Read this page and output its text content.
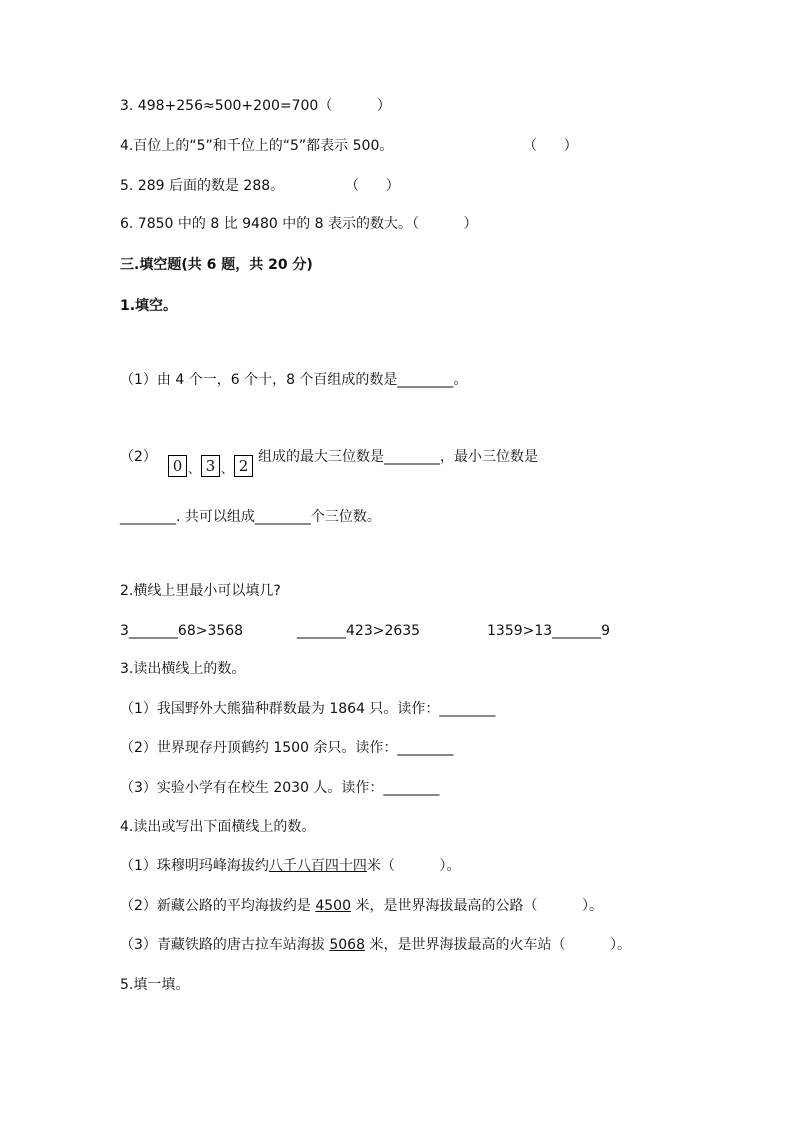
3. 498+256≈500+200=700（          ）
4.百位上的“5”和千位上的“5”都表示 500。	（      ）
5. 289 后面的数是 288。	（      ）
6. 7850 中的 8 比 9480 中的 8 表示的数大。（          ）
三.填空题(共 6 题，共 20 分)
1.填空。
（1）由 4 个一，6 个十，8 个百组成的数是________。
（2）	0 、 3 、 2 组成的最大三位数是________，最小三位数是
________. 共可以组成________个三位数。
2.横线上里最小可以填几?
3_______68>3568	_______423>2635	1359>13_______9
3.读出横线上的数。
（1）我国野外大熊猫种群数最为 1864 只。读作：________
（2）世界现存丹顶鹤约 1500 余只。读作：________
（3）实验小学有在校生 2030 人。读作：________
4.读出或写出下面横线上的数。
（1）珠穆明玛峰海拔约八千八百四十四米（          ）。
（2）新藏公路的平均海拔约是 4500 米，是世界海拔最高的公路（          ）。
（3）青藏铁路的唐古拉车站海拔 5068 米，是世界海拔最高的火车站（          ）。
5.填一填。
